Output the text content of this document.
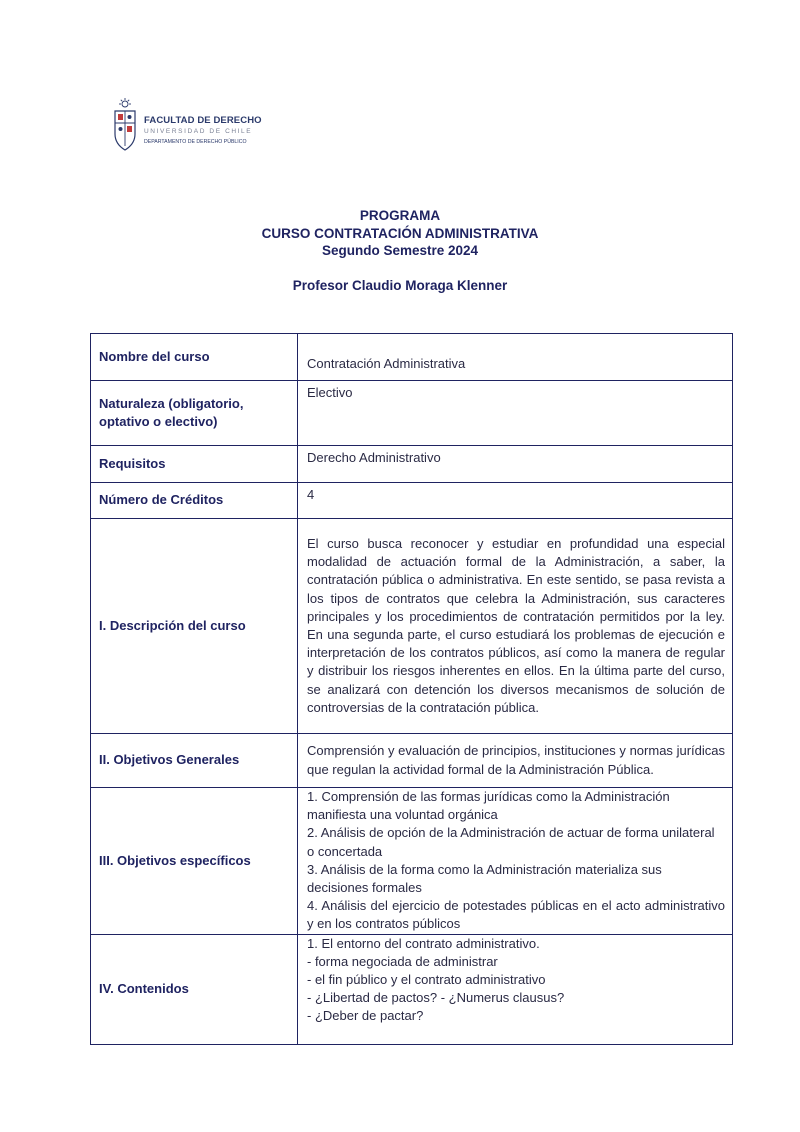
FACULTAD DE DERECHO
UNIVERSIDAD DE CHILE
DEPARTAMENTO DE DERECHO PÚBLICO
PROGRAMA
CURSO CONTRATACIÓN ADMINISTRATIVA
Segundo Semestre 2024
Profesor Claudio Moraga Klenner
Nombre del curso	Contratación Administrativa
Naturaleza (obligatorio, optativo o electivo)	Electivo
Requisitos	Derecho Administrativo
Número de Créditos	4
I. Descripción del curso	El curso busca reconocer y estudiar en profundidad una especial modalidad de actuación formal de la Administración, a saber, la contratación pública o administrativa. En este sentido, se pasa revista a los tipos de contratos que celebra la Administración, sus caracteres principales y los procedimientos de contratación permitidos por la ley. En una segunda parte, el curso estudiará los problemas de ejecución e interpretación de los contratos públicos, así como la manera de regular y distribuir los riesgos inherentes en ellos. En la última parte del curso, se analizará con detención los diversos mecanismos de solución de controversias de la contratación pública.
II. Objetivos Generales	Comprensión y evaluación de principios, instituciones y normas jurídicas que regulan la actividad formal de la Administración Pública.
III. Objetivos específicos	1. Comprensión de las formas jurídicas como la Administración manifiesta una voluntad orgánica
2. Análisis de opción de la Administración de actuar de forma unilateral o concertada
3. Análisis de la forma como la Administración materializa sus decisiones formales
4. Análisis del ejercicio de potestades públicas en el acto administrativo y en los contratos públicos

IV. Contenidos	1. El entorno del contrato administrativo.
- forma negociada de administrar
- el fin público y el contrato administrativo
- ¿Libertad de pactos? - ¿Numerus clausus?
- ¿Deber de pactar?
